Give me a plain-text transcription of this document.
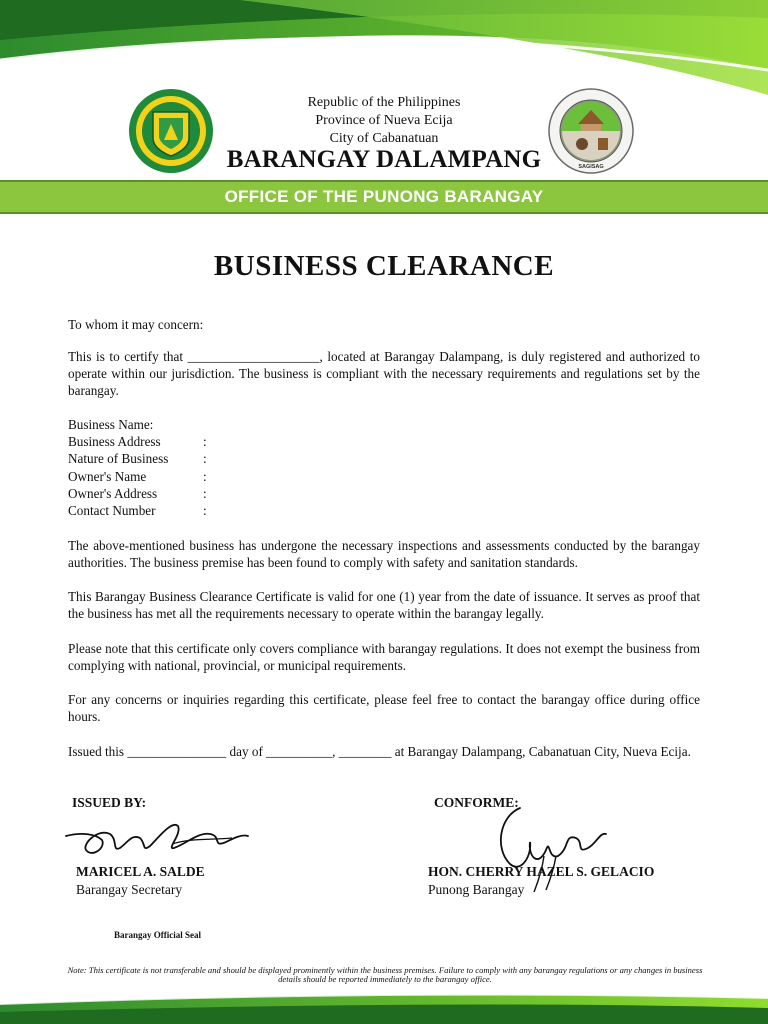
1950	SAGISAG
Republic of the Philippines
Province of Nueva Ecija
City of Cabanatuan
BARANGAY DALAMPANG
OFFICE OF THE PUNONG BARANGAY
BUSINESS CLEARANCE
To whom it may concern:
This is to certify that ____________________, located at Barangay Dalampang, is duly registered and authorized to operate within our jurisdiction. The business is compliant with the necessary requirements and regulations set by the barangay.
Business Name:
Business Address	:
Nature of Business	:
Owner's Name	:
Owner's Address	:
Contact Number	:
The above-mentioned business has undergone the necessary inspections and assessments conducted by the barangay authorities. The business premise has been found to comply with safety and sanitation standards.
This Barangay Business Clearance Certificate is valid for one (1) year from the date of issuance. It serves as proof that the business has met all the requirements necessary to operate within the barangay legally.
Please note that this certificate only covers compliance with barangay regulations. It does not exempt the business from complying with national, provincial, or municipal requirements.
For any concerns or inquiries regarding this certificate, please feel free to contact the barangay office during office hours.
Issued this _______________ day of __________, ________ at Barangay Dalampang, Cabanatuan City, Nueva Ecija.
ISSUED BY:	CONFORME:
MARICEL A. SALDE
Barangay Secretary
HON. CHERRY HAZEL S. GELACIO
Punong Barangay
Barangay Official Seal
Note: This certificate is not transferable and should be displayed prominently within the business premises. Failure to comply with any barangay regulations or any changes in business details should be reported immediately to the barangay office.
